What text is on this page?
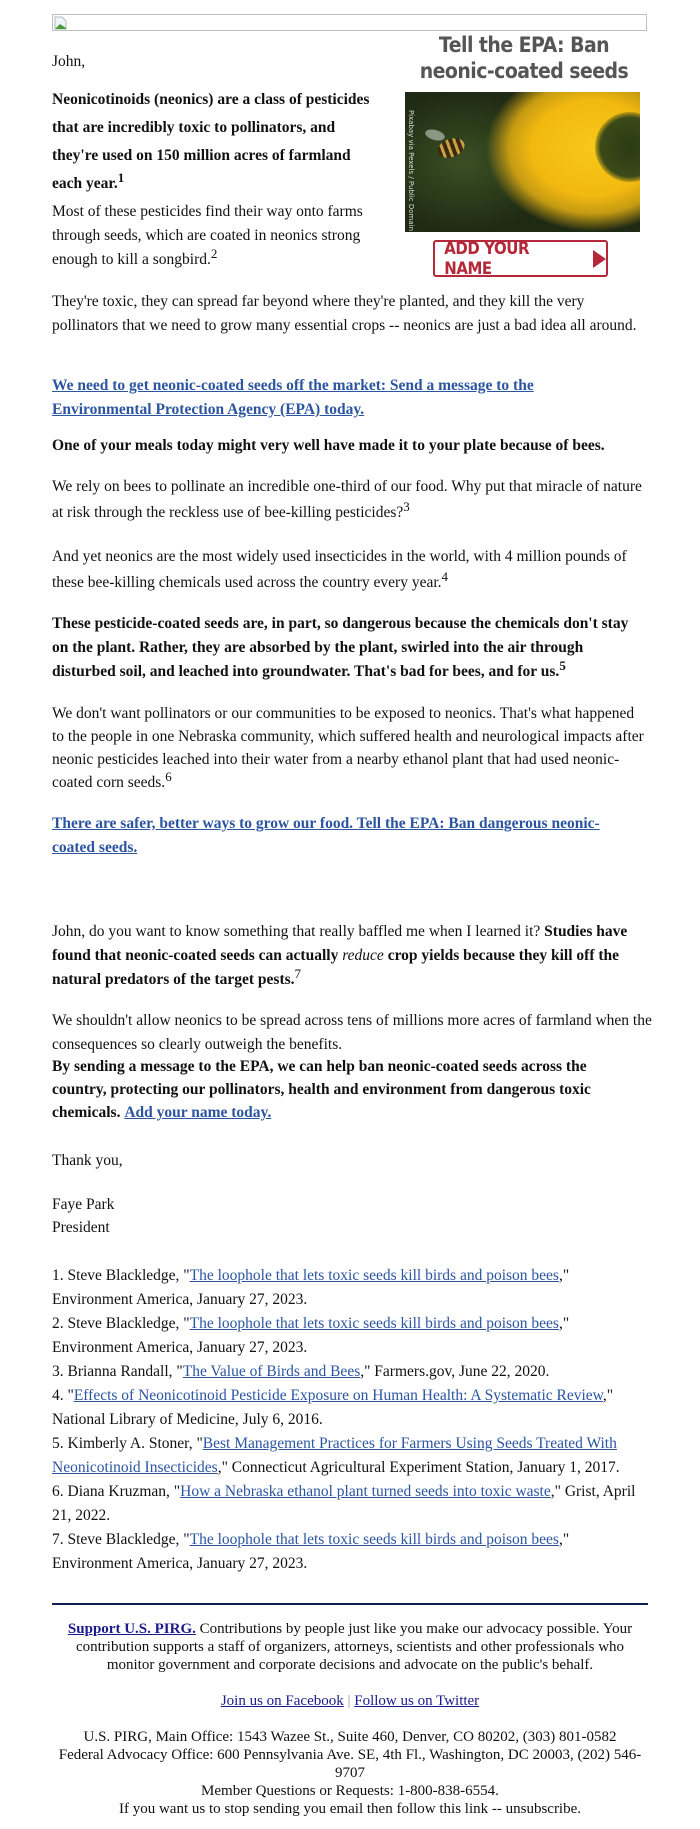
Tell the EPA: Ban
neonic-coated seeds
Pixabay via Pexels / Public Domain
ADD YOUR NAME

John,

Neonicotinoids (neonics) are a class of pesticides that are incredibly toxic to pollinators, and they're used on 150 million acres of farmland each year.$^1$

Most of these pesticides find their way onto farms through seeds, which are coated in neonics strong enough to kill a songbird.$^2$

They're toxic, they can spread far beyond where they're planted, and they kill the very pollinators that we need to grow many essential crops -- neonics are just a bad idea all around.

We need to get neonic-coated seeds off the market: Send a message to the Environmental Protection Agency (EPA) today.

One of your meals today might very well have made it to your plate because of bees.

We rely on bees to pollinate an incredible one-third of our food. Why put that miracle of nature at risk through the reckless use of bee-killing pesticides?$^3$

And yet neonics are the most widely used insecticides in the world, with 4 million pounds of these bee-killing chemicals used across the country every year.$^4$

These pesticide-coated seeds are, in part, so dangerous because the chemicals don't stay on the plant. Rather, they are absorbed by the plant, swirled into the air through disturbed soil, and leached into groundwater. That's bad for bees, and for us.$^5$

We don't want pollinators or our communities to be exposed to neonics. That's what happened to the people in one Nebraska community, which suffered health and neurological impacts after neonic pesticides leached into their water from a nearby ethanol plant that had used neonic-coated corn seeds.$^6$

There are safer, better ways to grow our food. Tell the EPA: Ban dangerous neonic-coated seeds.

John, do you want to know something that really baffled me when I learned it? Studies have found that neonic-coated seeds can actually reduce crop yields because they kill off the natural predators of the target pests.$^7$

We shouldn't allow neonics to be spread across tens of millions more acres of farmland when the consequences so clearly outweigh the benefits.

By sending a message to the EPA, we can help ban neonic-coated seeds across the country, protecting our pollinators, health and environment from dangerous toxic chemicals. Add your name today.

Thank you,

Faye Park

President

1. Steve Blackledge, "The loophole that lets toxic seeds kill birds and poison bees," Environment America, January 27, 2023.
2. Steve Blackledge, "The loophole that lets toxic seeds kill birds and poison bees," Environment America, January 27, 2023.
3. Brianna Randall, "The Value of Birds and Bees," Farmers.gov, June 22, 2020.
4. "Effects of Neonicotinoid Pesticide Exposure on Human Health: A Systematic Review," National Library of Medicine, July 6, 2016.
5. Kimberly A. Stoner, "Best Management Practices for Farmers Using Seeds Treated With Neonicotinoid Insecticides," Connecticut Agricultural Experiment Station, January 1, 2017.
6. Diana Kruzman, "How a Nebraska ethanol plant turned seeds into toxic waste," Grist, April 21, 2022.
7. Steve Blackledge, "The loophole that lets toxic seeds kill birds and poison bees," Environment America, January 27, 2023.
Support U.S. PIRG. Contributions by people just like you make our advocacy possible. Your contribution supports a staff of organizers, attorneys, scientists and other professionals who monitor government and corporate decisions and advocate on the public's behalf.
Join us on Facebook | Follow us on Twitter
U.S. PIRG, Main Office: 1543 Wazee St., Suite 460, Denver, CO 80202, (303) 801-0582
Federal Advocacy Office: 600 Pennsylvania Ave. SE, 4th Fl., Washington, DC 20003, (202) 546-9707
Member Questions or Requests: 1-800-838-6554.
If you want us to stop sending you email then follow this link -- unsubscribe.
